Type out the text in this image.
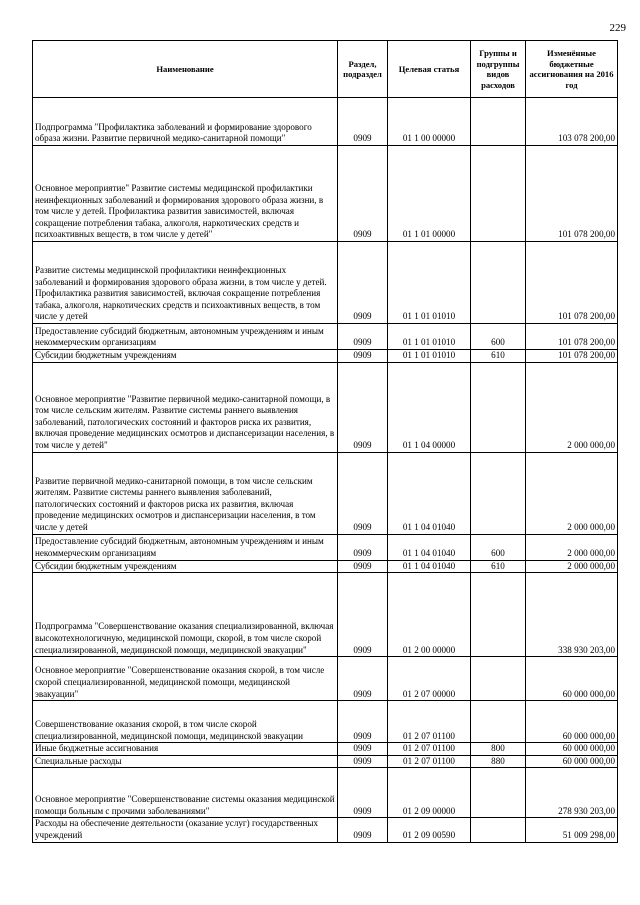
229
Наименование	Раздел, подраздел	Целевая статья	Группы и подгруппы видов расходов	Изменённые бюджетные ассигнования на 2016 год
Подпрограмма "Профилактика заболеваний и формирование здорового образа жизни. Развитие первичной медико-санитарной помощи"	0909	01 1 00 00000		103 078 200,00
Основное мероприятие" Развитие системы медицинской профилактики неинфекционных заболеваний и формирования здорового образа жизни, в том числе у детей. Профилактика развития зависимостей, включая сокращение потребления табака, алкоголя, наркотических средств и психоактивных веществ, в том числе у детей"	0909	01 1 01 00000		101 078 200,00
Развитие системы медицинской профилактики неинфекционных заболеваний и формирования здорового образа жизни, в том числе у детей. Профилактика развития зависимостей, включая сокращение потребления табака, алкоголя, наркотических средств и психоактивных веществ, в том числе у детей	0909	01 1 01 01010		101 078 200,00
Предоставление субсидий бюджетным, автономным учреждениям и иным некоммерческим организациям	0909	01 1 01 01010	600	101 078 200,00
Субсидии бюджетным учреждениям	0909	01 1 01 01010	610	101 078 200,00
Основное мероприятие "Развитие первичной медико-санитарной помощи, в том числе сельским жителям. Развитие системы раннего выявления заболеваний, патологических состояний и факторов риска их развития, включая проведение медицинских осмотров и диспансеризации населения, в том числе у детей"	0909	01 1 04 00000		2 000 000,00
Развитие первичной медико-санитарной помощи, в том числе сельским жителям. Развитие системы раннего выявления заболеваний, патологических состояний и факторов риска их развития, включая проведение медицинских осмотров и диспансеризации населения, в том числе у детей	0909	01 1 04 01040		2 000 000,00
Предоставление субсидий бюджетным, автономным учреждениям и иным некоммерческим организациям	0909	01 1 04 01040	600	2 000 000,00
Субсидии бюджетным учреждениям	0909	01 1 04 01040	610	2 000 000,00
Подпрограмма "Совершенствование оказания специализированной, включая высокотехнологичную, медицинской помощи, скорой, в том числе скорой специализированной, медицинской помощи, медицинской эвакуации"	0909	01 2 00 00000		338 930 203,00
Основное мероприятие "Совершенствование оказания скорой, в том числе скорой специализированной, медицинской помощи, медицинской эвакуации"	0909	01 2 07 00000		60 000 000,00
Совершенствование оказания скорой, в том числе скорой специализированной, медицинской помощи, медицинской эвакуации	0909	01 2 07 01100		60 000 000,00
Иные бюджетные ассигнования	0909	01 2 07 01100	800	60 000 000,00
Специальные расходы	0909	01 2 07 01100	880	60 000 000,00
Основное мероприятие "Совершенствование системы оказания медицинской помощи больным с прочими заболеваниями"	0909	01 2 09 00000		278 930 203,00
Расходы на обеспечение деятельности (оказание услуг) государственных учреждений	0909	01 2 09 00590		51 009 298,00
